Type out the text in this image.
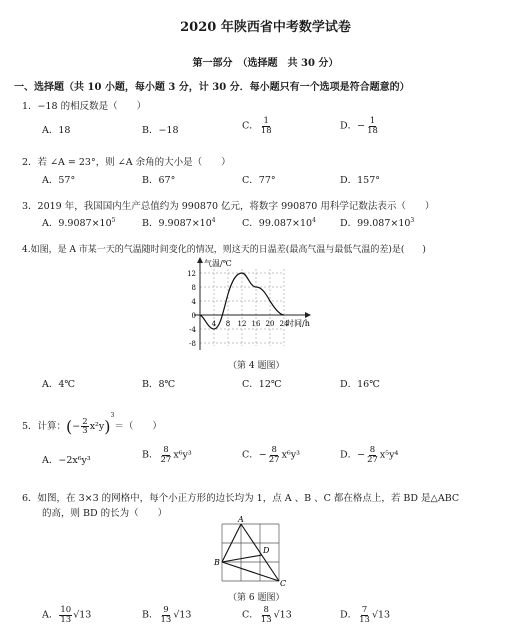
2020 年陕西省中考数学试卷
第一部分　（选择题　共 30 分）
一、选择题（共 10 小题，每小题 3 分，计 30 分．每小题只有一个选项是符合题意的）
1．−18 的相反数是（　　）
A．18	B．−18	C． $\frac{1}{18}$	D．− $\frac{1}{18}$
2．若 ∠A = 23°，则 ∠A 余角的大小是（　　）
A．57°	B．67°	C．77°	D．157°
3．2019 年，我国国内生产总值约为 990870 亿元，将数字 990870 用科学记数法表示（　　）
A．$9.9087\times 10^5$	B．$9.9087\times 10^4$	C．$99.087\times 10^4$	D．$99.087\times 10^3$
4.如图，是 A 市某一天的气温随时间变化的情况，则这天的日温差(最高气温与最低气温的差)是(　　)
气温/℃
时间/h
12
8
4
0
-4
-8
4 8 12 16 20 24
（第 4 题图）
A．4℃	B．8℃	C．12℃	D．16℃
5．计算：(− $\frac{2}{3} x^2y)^3=$（　　）
A．−2x⁶y³	B． $\frac{8}{27} x^6y^3$	C．− $\frac{8}{27} x^6y^3$	D．− $\frac{8}{27} x^5y^4$
6．如图，在 3×3 的网格中，每个小正方形的边长均为 1，点 A 、B 、C 都在格点上，若 BD 是△ABC
的高，则 BD 的长为（　　）
A
B
C
D
（第 6 题图）
A． $\frac{10}{13} √13$	B． $\frac{9}{13} √13$	C． $\frac{8}{13} √13$	D． $\frac{7}{13} √13$
